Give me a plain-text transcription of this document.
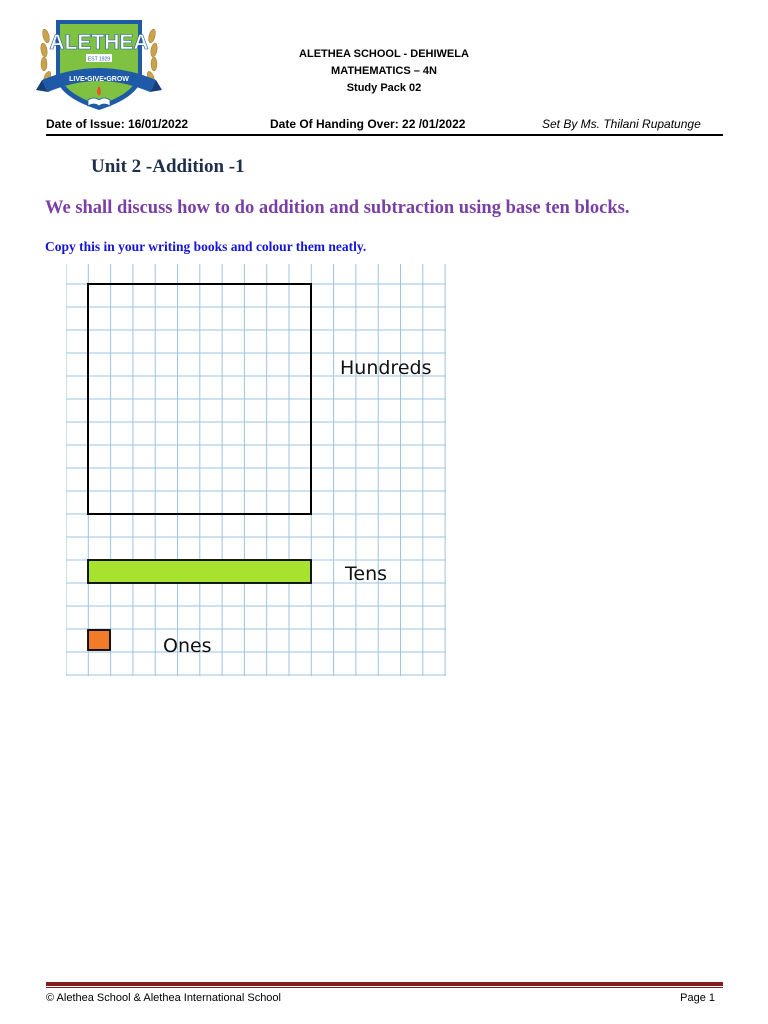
ALETHEA
EST 1929
LIVE•GIVE•GROW
ALETHEA SCHOOL - DEHIWELA
MATHEMATICS – 4N
Study Pack 02
Date of Issue: 16/01/2022	Date Of Handing Over: 22 /01/2022	Set By Ms. Thilani Rupatunge
Unit 2 -Addition -1
We shall discuss how to do addition and subtraction using base ten blocks.
Copy this in your writing books and colour them neatly.
Hundreds
Tens
Ones
© Alethea School & Alethea International School	Page 1
